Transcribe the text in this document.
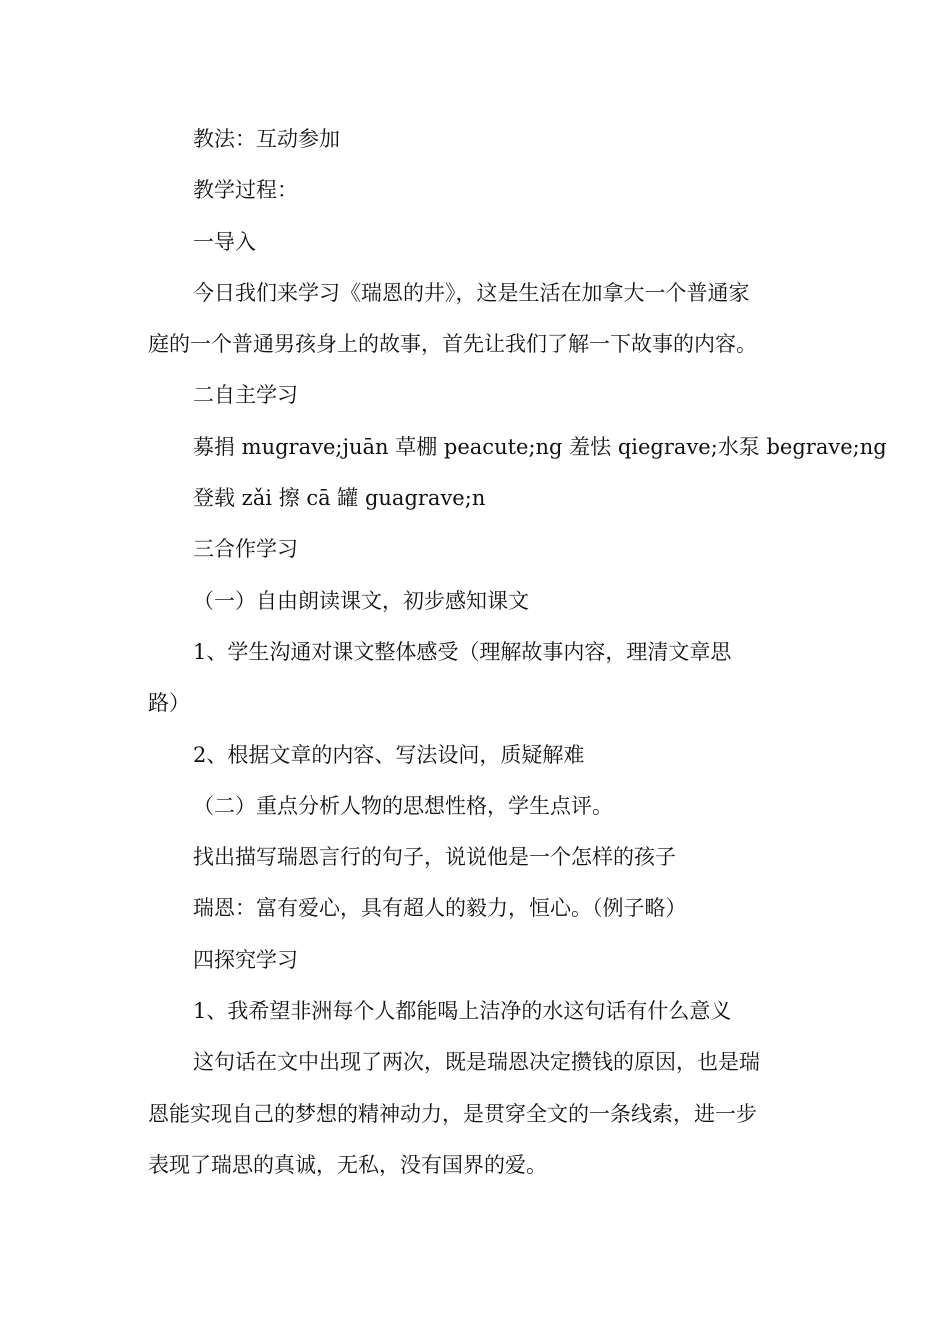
教法：互动参加

教学过程：

一导入

今日我们来学习《瑞恩的井》，这是生活在加拿大一个普通家

庭的一个普通男孩身上的故事，首先让我们了解一下故事的内容。

二自主学习

募捐 mugrave;juān 草棚 peacute;ng 羞怯 qiegrave;水泵 begrave;ng

登载 zǎi 擦 cā 罐 guagrave;n

三合作学习

（一）自由朗读课文，初步感知课文

1、学生沟通对课文整体感受（理解故事内容，理清文章思

路）

2、根据文章的内容、写法设问，质疑解难

（二）重点分析人物的思想性格，学生点评。

找出描写瑞恩言行的句子，说说他是一个怎样的孩子

瑞恩：富有爱心，具有超人的毅力，恒心。（例子略）

四探究学习

1、我希望非洲每个人都能喝上洁净的水这句话有什么意义

这句话在文中出现了两次，既是瑞恩决定攒钱的原因，也是瑞

恩能实现自己的梦想的精神动力，是贯穿全文的一条线索，进一步

表现了瑞思的真诚，无私，没有国界的爱。
